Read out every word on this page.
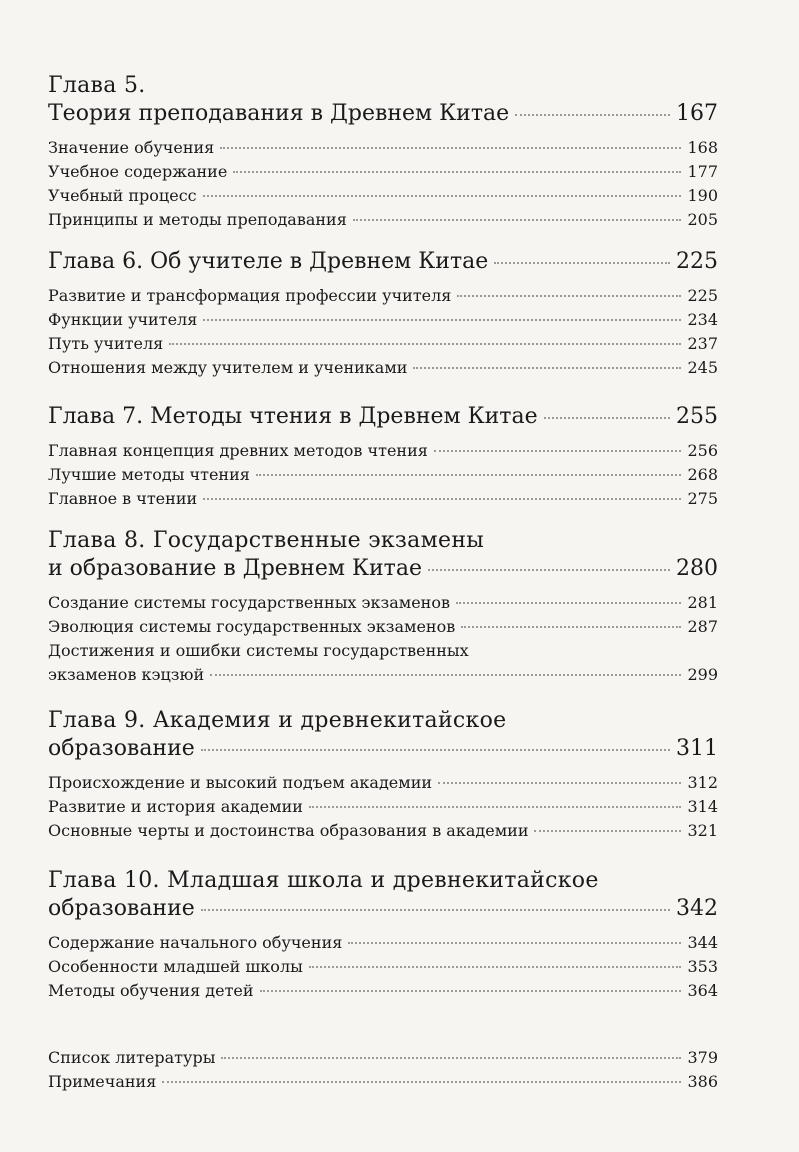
Глава 5.
Теория преподавания в Древнем Китае	167
Значение обучения	168
Учебное содержание	177
Учебный процесс	190
Принципы и методы преподавания	205
Глава 6. Об учителе в Древнем Китае	225
Развитие и трансформация профессии учителя	225
Функции учителя	234
Путь учителя	237
Отношения между учителем и учениками	245
Глава 7. Методы чтения в Древнем Китае	255
Главная концепция древних методов чтения	256
Лучшие методы чтения	268
Главное в чтении	275
Глава 8. Государственные экзамены
и образование в Древнем Китае	280
Создание системы государственных экзаменов	281
Эволюция системы государственных экзаменов	287
Достижения и ошибки системы государственных
экзаменов кэцзюй	299
Глава 9. Академия и древнекитайское
образование	311
Происхождение и высокий подъем академии	312
Развитие и история академии	314
Основные черты и достоинства образования в академии	321
Глава 10. Младшая школа и древнекитайское
образование	342
Содержание начального обучения	344
Особенности младшей школы	353
Методы обучения детей	364
Список литературы	379
Примечания	386
